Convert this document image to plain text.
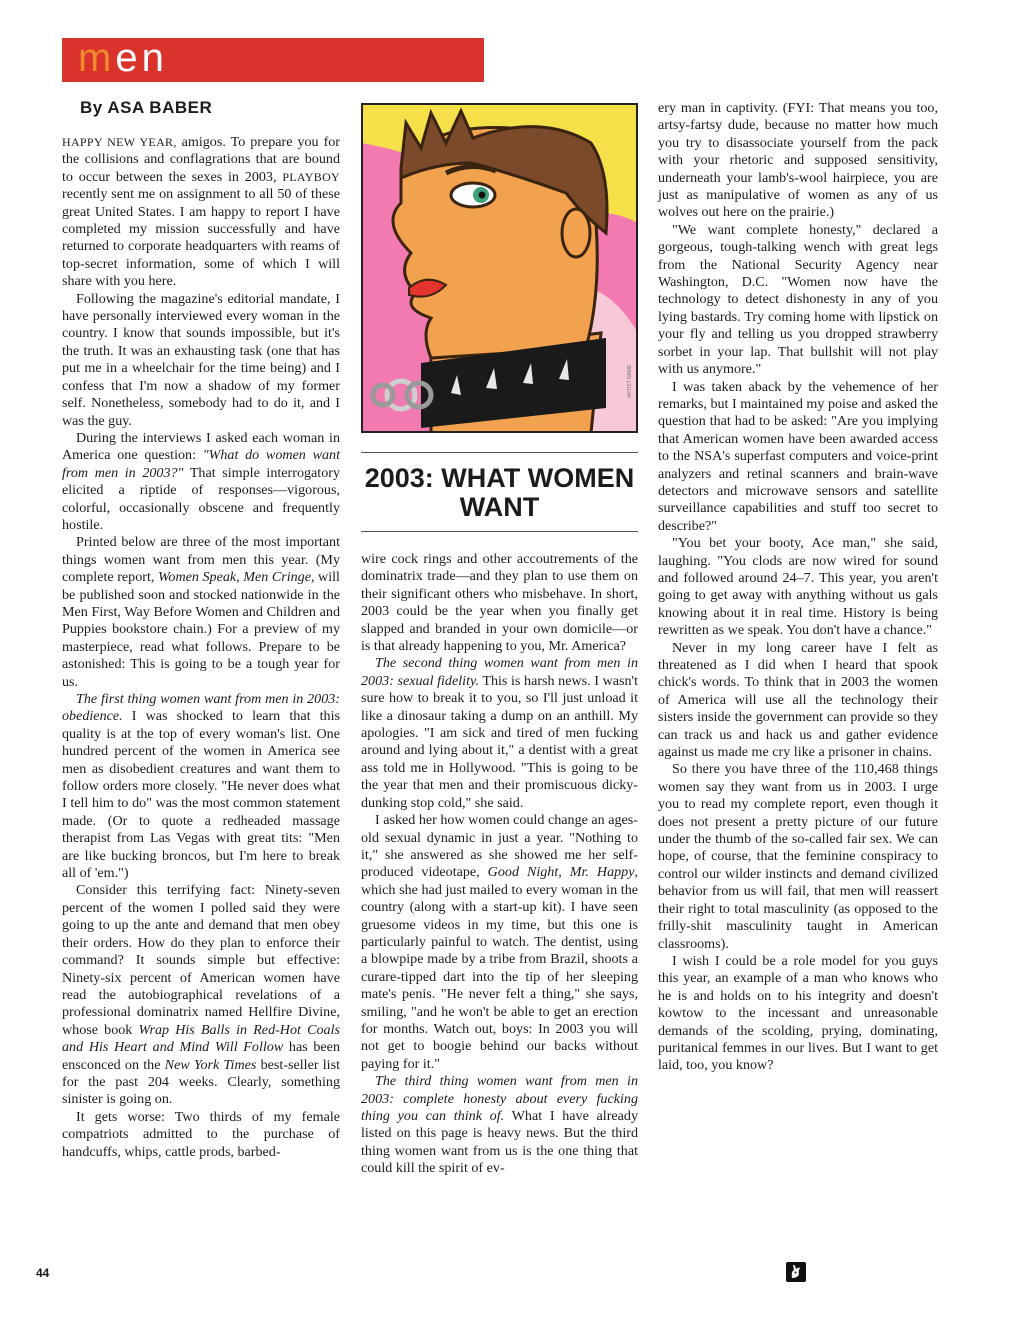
men
By ASA BABER

HAPPY NEW YEAR, amigos. To prepare you for the collisions and conflagrations that are bound to occur between the sexes in 2003, PLAYBOY recently sent me on assignment to all 50 of these great United States. I am happy to report I have completed my mission successfully and have returned to corporate headquarters with reams of top-secret information, some of which I will share with you here.

Following the magazine's editorial mandate, I have personally interviewed every woman in the country. I know that sounds impossible, but it's the truth. It was an exhausting task (one that has put me in a wheelchair for the time being) and I confess that I'm now a shadow of my former self. Nonetheless, somebody had to do it, and I was the guy.

During the interviews I asked each woman in America one question: "What do women want from men in 2003?" That simple interrogatory elicited a riptide of responses—vigorous, colorful, occasionally obscene and frequently hostile.

Printed below are three of the most important things women want from men this year. (My complete report, Women Speak, Men Cringe, will be published soon and stocked nationwide in the Men First, Way Before Women and Children and Puppies bookstore chain.) For a preview of my masterpiece, read what follows. Prepare to be astonished: This is going to be a tough year for us.

The first thing women want from men in 2003: obedience. I was shocked to learn that this quality is at the top of every woman's list. One hundred percent of the women in America see men as disobedient creatures and want them to follow orders more closely. "He never does what I tell him to do" was the most common statement made. (Or to quote a redheaded massage therapist from Las Vegas with great tits: "Men are like bucking broncos, but I'm here to break all of 'em.")

Consider this terrifying fact: Ninety-seven percent of the women I polled said they were going to up the ante and demand that men obey their orders. How do they plan to enforce their command? It sounds simple but effective: Ninety-six percent of American women have read the autobiographical revelations of a professional dominatrix named Hellfire Divine, whose book Wrap His Balls in Red-Hot Coals and His Heart and Mind Will Follow has been ensconced on the New York Times best-seller list for the past 204 weeks. Clearly, something sinister is going on.

It gets worse: Two thirds of my female compatriots admitted to the purchase of handcuffs, whips, cattle prods, barbed-

ARTIST NAME
2003: WHAT WOMEN WANT

wire cock rings and other accoutrements of the dominatrix trade—and they plan to use them on their significant others who misbehave. In short, 2003 could be the year when you finally get slapped and branded in your own domicile—or is that already happening to you, Mr. America?

The second thing women want from men in 2003: sexual fidelity. This is harsh news. I wasn't sure how to break it to you, so I'll just unload it like a dinosaur taking a dump on an anthill. My apologies. "I am sick and tired of men fucking around and lying about it," a dentist with a great ass told me in Hollywood. "This is going to be the year that men and their promiscuous dicky-dunking stop cold," she said.

I asked her how women could change an ages-old sexual dynamic in just a year. "Nothing to it," she answered as she showed me her self-produced videotape, Good Night, Mr. Happy, which she had just mailed to every woman in the country (along with a start-up kit). I have seen gruesome videos in my time, but this one is particularly painful to watch. The dentist, using a blowpipe made by a tribe from Brazil, shoots a curare-tipped dart into the tip of her sleeping mate's penis. "He never felt a thing," she says, smiling, "and he won't be able to get an erection for months. Watch out, boys: In 2003 you will not get to boogie behind our backs without paying for it."

The third thing women want from men in 2003: complete honesty about every fucking thing you can think of. What I have already listed on this page is heavy news. But the third thing women want from us is the one thing that could kill the spirit of ev-

ery man in captivity. (FYI: That means you too, artsy-fartsy dude, because no matter how much you try to disassociate yourself from the pack with your rhetoric and supposed sensitivity, underneath your lamb's-wool hairpiece, you are just as manipulative of women as any of us wolves out here on the prairie.)

"We want complete honesty," declared a gorgeous, tough-talking wench with great legs from the National Security Agency near Washington, D.C. "Women now have the technology to detect dishonesty in any of you lying bastards. Try coming home with lipstick on your fly and telling us you dropped strawberry sorbet in your lap. That bullshit will not play with us anymore."

I was taken aback by the vehemence of her remarks, but I maintained my poise and asked the question that had to be asked: "Are you implying that American women have been awarded access to the NSA's superfast computers and voice-print analyzers and retinal scanners and brain-wave detectors and microwave sensors and satellite surveillance capabilities and stuff too secret to describe?"

"You bet your booty, Ace man," she said, laughing. "You clods are now wired for sound and followed around 24–7. This year, you aren't going to get away with anything without us gals knowing about it in real time. History is being rewritten as we speak. You don't have a chance."

Never in my long career have I felt as threatened as I did when I heard that spook chick's words. To think that in 2003 the women of America will use all the technology their sisters inside the government can provide so they can track us and hack us and gather evidence against us made me cry like a prisoner in chains.

So there you have three of the 110,468 things women say they want from us in 2003. I urge you to read my complete report, even though it does not present a pretty picture of our future under the thumb of the so-called fair sex. We can hope, of course, that the feminine conspiracy to control our wilder instincts and demand civilized behavior from us will fail, that men will reassert their right to total masculinity (as opposed to the frilly-shit masculinity taught in American classrooms).

I wish I could be a role model for you guys this year, an example of a man who knows who he is and holds on to his integrity and doesn't kowtow to the incessant and unreasonable demands of the scolding, prying, dominating, puritanical femmes in our lives. But I want to get laid, too, you know?

44
